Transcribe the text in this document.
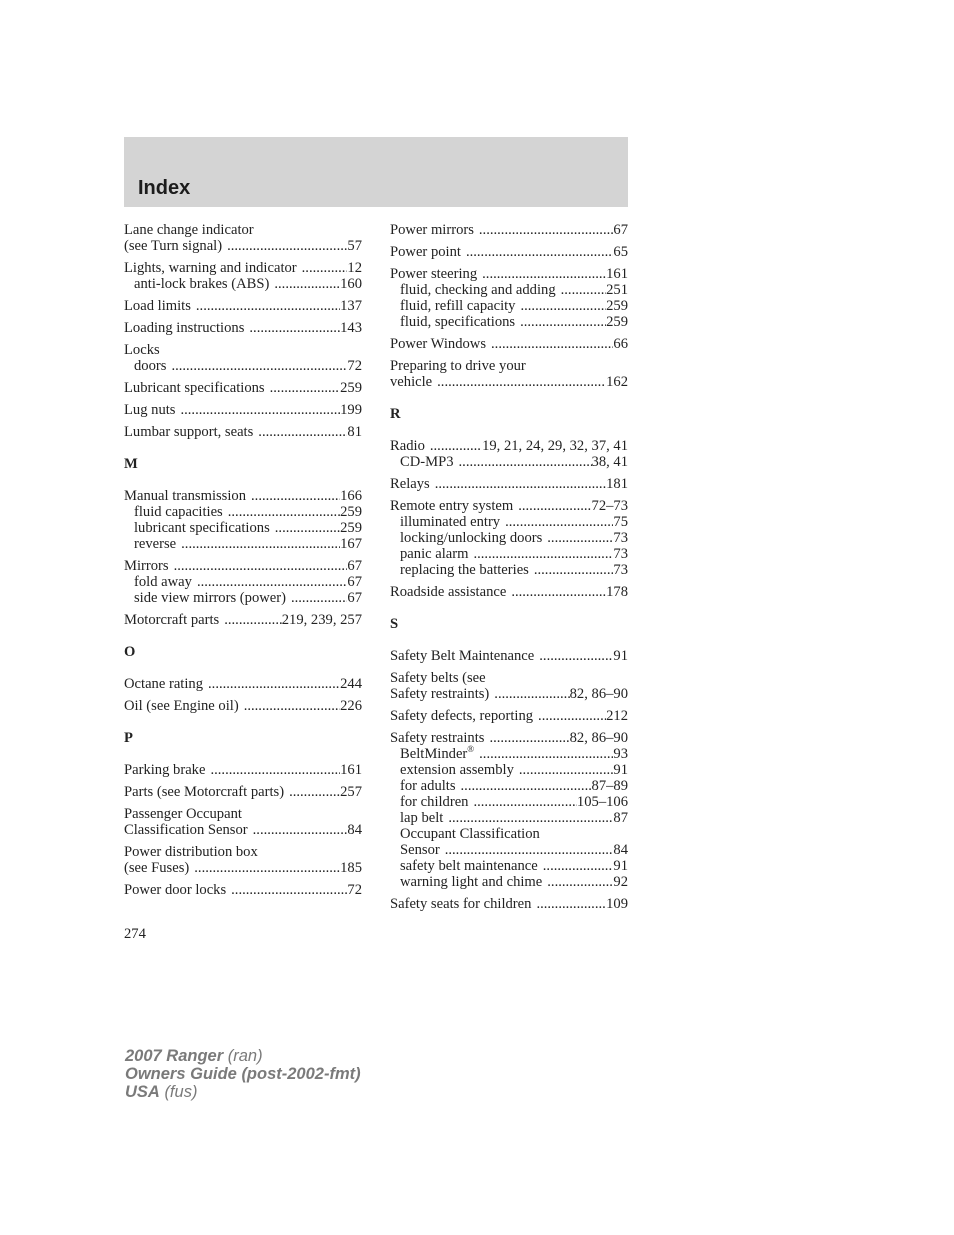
Index
Lane change indicator
(see Turn signal) .....	57
Lights, warning and indicator .....	12
anti-lock brakes (ABS) .....	160
Load limits .....	137
Loading instructions .....	143
Locks
doors .....	72
Lubricant specifications .....	259
Lug nuts .....	199
Lumbar support, seats .....	81
M
Manual transmission .....	166
fluid capacities .....	259
lubricant specifications .....	259
reverse .....	167
Mirrors .....	67
fold away .....	67
side view mirrors (power) .....	67
Motorcraft parts .....	219, 239, 257
O
Octane rating .....	244
Oil (see Engine oil) .....	226
P
Parking brake .....	161
Parts (see Motorcraft parts) .....	257
Passenger Occupant
Classification Sensor .....	84
Power distribution box
(see Fuses) .....	185
Power door locks .....	72
Power mirrors .....	67
Power point .....	65
Power steering .....	161
fluid, checking and adding .....	251
fluid, refill capacity .....	259
fluid, specifications .....	259
Power Windows .....	66
Preparing to drive your
vehicle .....	162
R
Radio .....	19, 21, 24, 29, 32, 37, 41
CD-MP3 .....	38, 41
Relays .....	181
Remote entry system .....	72–73
illuminated entry .....	75
locking/unlocking doors .....	73
panic alarm .....	73
replacing the batteries .....	73
Roadside assistance .....	178
S
Safety Belt Maintenance .....	91
Safety belts (see
Safety restraints) .....	82, 86–90
Safety defects, reporting .....	212
Safety restraints .....	82, 86–90
BeltMinder® .....	93
extension assembly .....	91
for adults .....	87–89
for children .....	105–106
lap belt .....	87
Occupant Classification
Sensor .....	84
safety belt maintenance .....	91
warning light and chime .....	92
Safety seats for children .....	109
274
2007 Ranger (ran)
Owners Guide (post-2002-fmt)
USA (fus)
